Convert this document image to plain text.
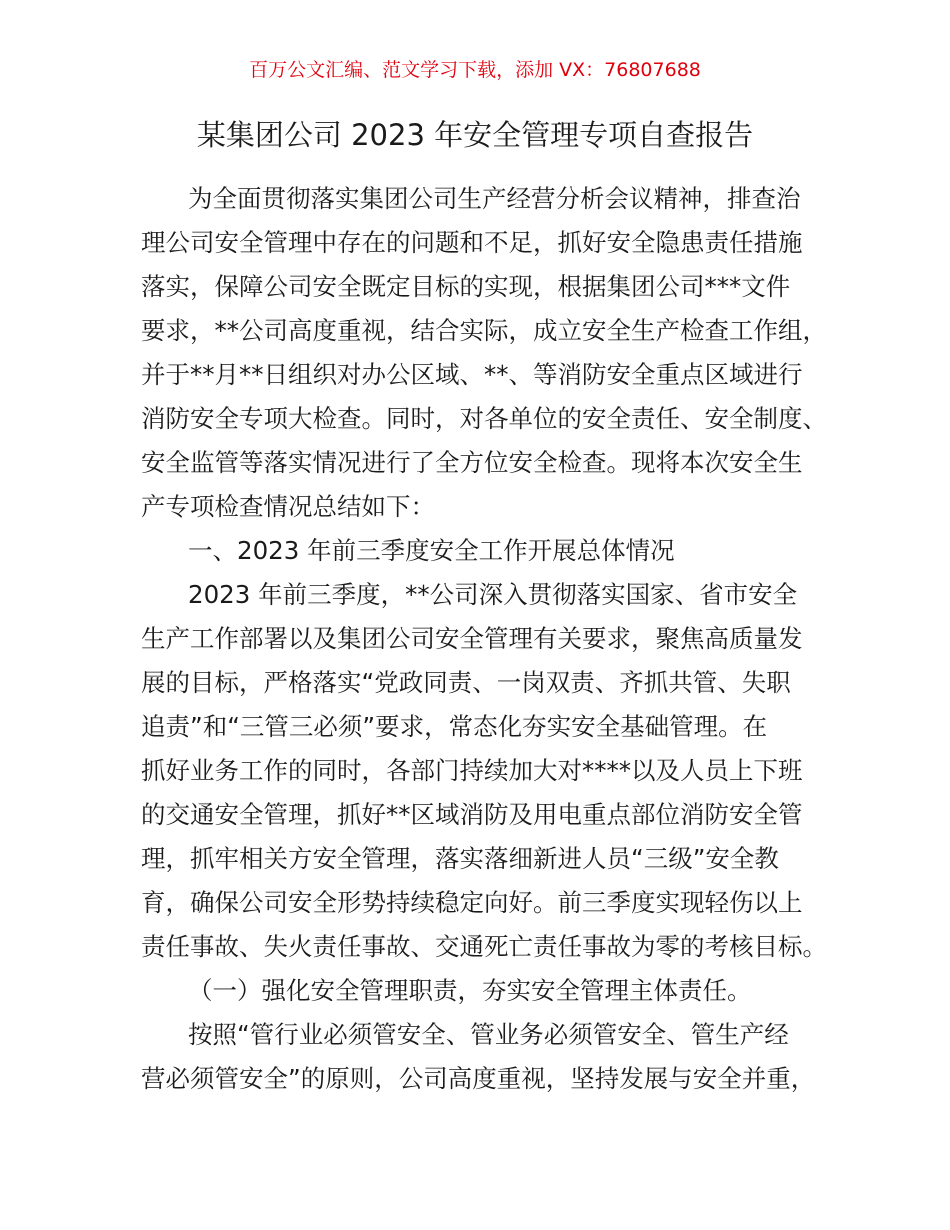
百万公文汇编、范文学习下载，添加 VX：76807688
某集团公司 2023 年安全管理专项自查报告
为全面贯彻落实集团公司生产经营分析会议精神，排查治
理公司安全管理中存在的问题和不足，抓好安全隐患责任措施
落实，保障公司安全既定目标的实现，根据集团公司***文件
要求，**公司高度重视，结合实际，成立安全生产检查工作组，
并于**月**日组织对办公区域、**、等消防安全重点区域进行
消防安全专项大检查。同时，对各单位的安全责任、安全制度、
安全监管等落实情况进行了全方位安全检查。现将本次安全生
产专项检查情况总结如下：
一、2023 年前三季度安全工作开展总体情况
2023 年前三季度，**公司深入贯彻落实国家、省市安全
生产工作部署以及集团公司安全管理有关要求，聚焦高质量发
展的目标，严格落实“党政同责、一岗双责、齐抓共管、失职
追责”和“三管三必须”要求，常态化夯实安全基础管理。在
抓好业务工作的同时，各部门持续加大对****以及人员上下班
的交通安全管理，抓好**区域消防及用电重点部位消防安全管
理，抓牢相关方安全管理，落实落细新进人员“三级”安全教
育，确保公司安全形势持续稳定向好。前三季度实现轻伤以上
责任事故、失火责任事故、交通死亡责任事故为零的考核目标。
（一）强化安全管理职责，夯实安全管理主体责任。
按照“管行业必须管安全、管业务必须管安全、管生产经
营必须管安全”的原则，公司高度重视，坚持发展与安全并重，
